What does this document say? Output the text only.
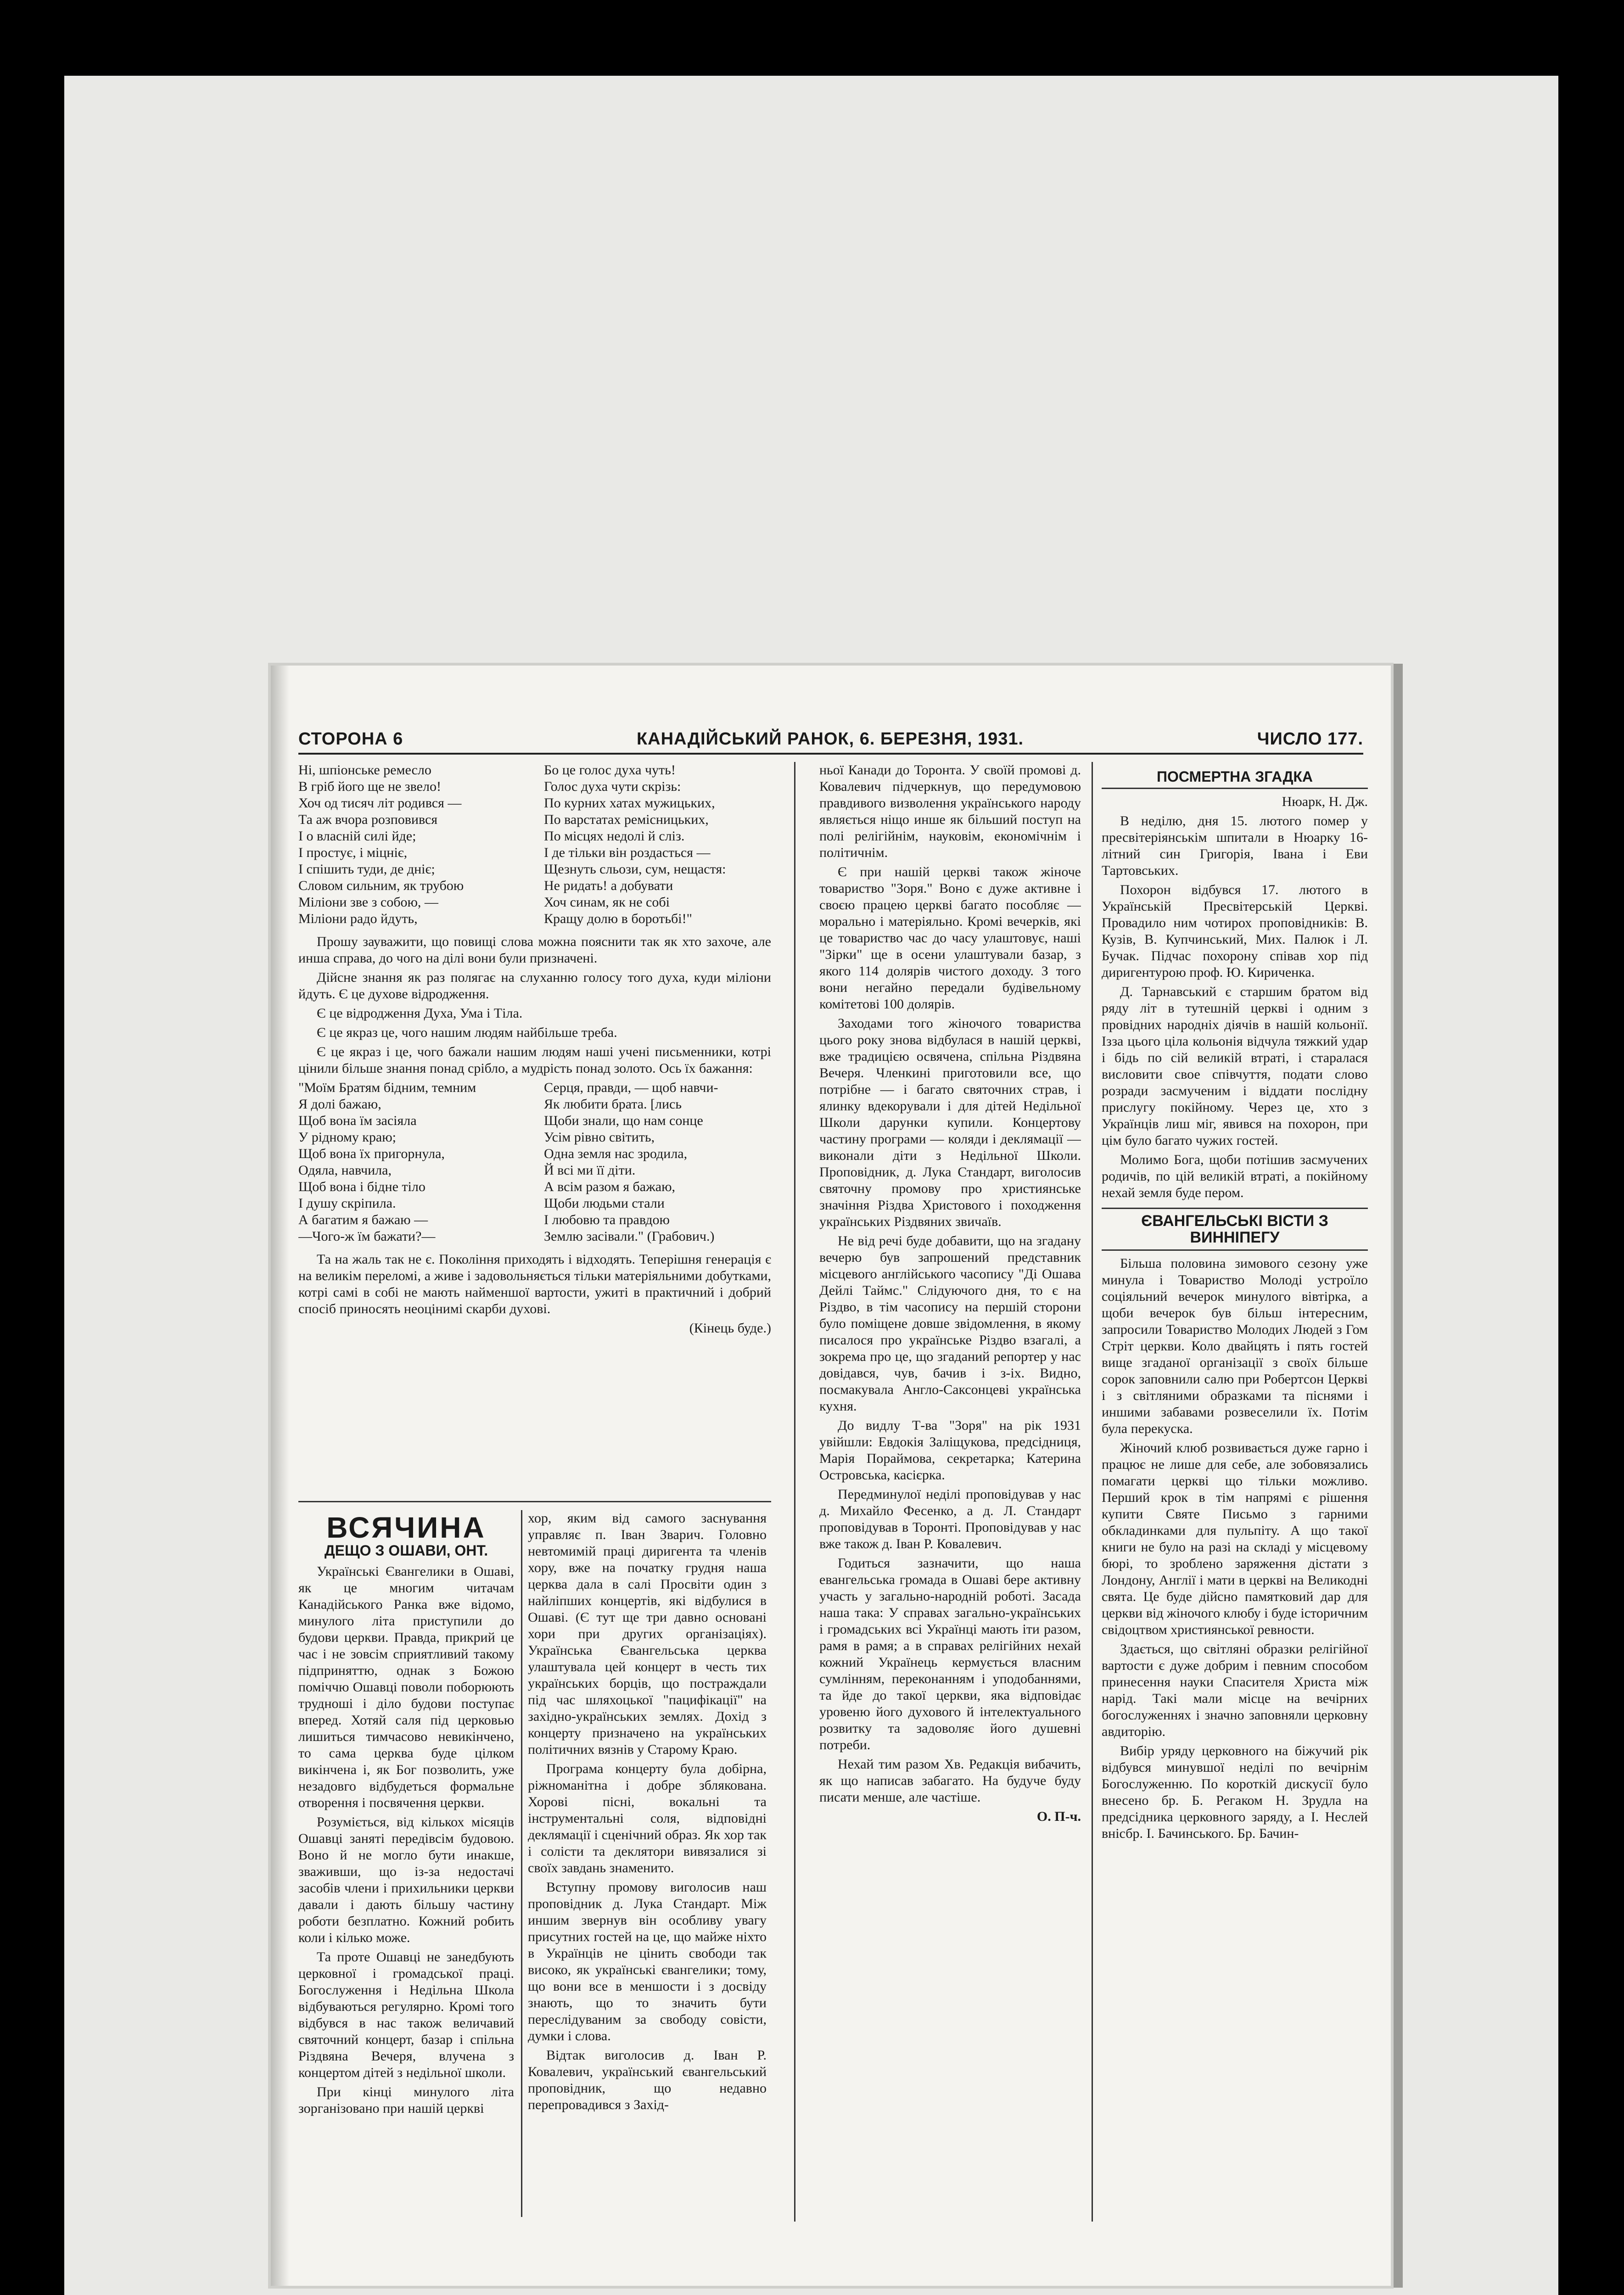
СТОРОНА 6	КАНАДІЙСЬКИЙ РАНОК, 6. БЕРЕЗНЯ, 1931.	ЧИСЛО 177.
Ні, шпіонське ремесло
В гріб його ще не звело!
Хоч од тисяч літ родився —
Та аж вчора розповився
І о власній силі йде;
І простує, і міцніє,
І спішить туди, де дніє;
Словом сильним, як трубою
Міліони зве з собою, —
Міліони радо йдуть,
Бо це голос духа чуть!
Голос духа чути скрізь:
По курних хатах мужицьких,
По варстатах ремісницьких,
По місцях недолі й сліз.
І де тільки він роздасться —
Щезнуть сльози, сум, нещастя:
Не ридать! а добувати
Хоч синам, як не собі
Кращу долю в боротьбі!"

Прошу зауважити, що повищі слова можна пояснити так як хто захоче, але инша справа, до чого на ділі вони були призначені.

Дійсне знання як раз полягає на слуханню голосу того духа, куди міліони йдуть. Є це духове відродження.

Є це відродження Духа, Ума і Тіла.

Є це якраз це, чого нашим людям найбільше треба.

Є це якраз і це, чого бажали нашим людям наші учені письменники, котрі цінили більше знання понад срібло, а мудрість понад золото. Ось їх бажання:

"Моїм Братям бідним, темним
Я долі бажаю,
Щоб вона їм засіяла
У рідному краю;
Щоб вона їх пригорнула,
Одяла, навчила,
Щоб вона і бідне тіло
І душу скріпила.
А багатим я бажаю —
—Чого-ж їм бажати?—
Серця, правди, — щоб навчи-
Як любити брата. [лись
Щоби знали, що нам сонце
Усім рівно світить,
Одна земля нас зродила,
Й всі ми її діти.
А всім разом я бажаю,
Щоби людьми стали
І любовю та правдою
Землю засівали." (Грабович.)

Та на жаль так не є. Покоління приходять і відходять. Теперішня генерація є на великім переломі, а живе і задовольняється тільки матеріяльними добутками, котрі самі в собі не мають найменшої вартости, ужиті в практичний і добрий спосіб приносять неоцінимі скарби духові.

(Кінець буде.)

ВСЯЧИНА
ДЕЩО З ОШАВИ, ОНТ.

Українські Євангелики в Ошаві, як це многим читачам Канадійського Ранка вже відомо, минулого літа приступили до будови церкви. Правда, прикрий це час і не зовсім сприятливий такому підприняттю, однак з Божою поміччю Ошавці поволи поборюють трудноші і діло будови поступає вперед. Хотяй саля під церковью лишиться тимчасово невикінчено, то сама церква буде цілком викінчена і, як Бог позволить, уже незадовго відбудеться формальне отворення і посвячення церкви.

Розуміється, від кількох місяців Ошавці заняті передівсім будовою. Воно й не могло бути инакше, зваживши, що із-за недостачі засобів члени і прихильники церкви давали і дають більшу частину роботи безплатно. Кожний робить коли і кілько може.

Та проте Ошавці не занедбують церковної і громадської праці. Богослуження і Недільна Школа відбуваються регулярно. Кромі того відбувся в нас також величавий святочний концерт, базар і спільна Різдвяна Вечеря, влучена з концертом дітей з недільної школи.

При кінці минулого літа зорганізовано при нашій церкві

хор, яким від самого заснування управляє п. Іван Зварич. Головно невтомимій праці диригента та членів хору, вже на початку грудня наша церква дала в салі Просвіти один з найліпших концертів, які відбулися в Ошаві. (Є тут ще три давно основані хори при других організаціях). Українська Євангельська церква улаштувала цей концерт в честь тих українських борців, що постраждали під час шляхоцької "пацифікації" на західно-українських землях. Дохід з концерту призначено на українських політичних вязнів у Старому Краю.

Програма концерту була добірна, ріжноманітна і добре зблякована. Хорові пісні, вокальні та інструментальні соля, відповідні деклямації і сценічний образ. Як хор так і солісти та деклятори вивязалися зі своїх завдань знаменито.

Вступну промову виголосив наш проповідник д. Лука Стандарт. Між иншим звернув він особливу увагу присутних гостей на це, що майже ніхто в Українців не цінить свободи так високо, як українські євангелики; тому, що вони все в меншости і з досвіду знають, що то значить бути переслідуваним за свободу совісти, думки і слова.

Відтак виголосив д. Іван Р. Ковалевич, український євангельський проповідник, що недавно перепровадився з Захід-

ньої Канади до Торонта. У своїй промові д. Ковалевич підчеркнув, що передумовою правдивого визволення українського народу являється ніщо инше як більший поступ на полі релігійнім, науковім, економічнім і політичнім.

Є при нашій церкві також жіноче товариство "Зоря." Воно є дуже активне і своєю працею церкві багато пособляє — морально і матеріяльно. Кромі вечерків, які це товариство час до часу улаштовує, наші "Зірки" ще в осени улаштували базар, з якого 114 долярів чистого доходу. З того вони негайно передали будівельному комітетові 100 долярів.

Заходами того жіночого товариства цього року знова відбулася в нашій церкві, вже традицією освячена, спільна Різдвяна Вечеря. Членкині приготовили все, що потрібне — і багато святочних страв, і ялинку вдекорували і для дітей Недільної Школи дарунки купили. Концертову частину програми — коляди і деклямації — виконали діти з Недільної Школи. Проповідник, д. Лука Стандарт, виголосив святочну промову про християнське значіння Різдва Христового і походження українських Різдвяних звичаїв.

Не від речі буде добавити, що на згадану вечерю був запрошений представник місцевого англійського часопису "Ді Ошава Дейлі Таймс." Слідуючого дня, то є на Різдво, в тім часопису на першій сторони було поміщене довше звідомлення, в якому писалося про українське Різдво взагалі, а зокрема про це, що згаданий репортер у нас довідався, чув, бачив і з-іх. Видно, посмакувала Англо-Саксонцеві українська кухня.

До видлу Т-ва "Зоря" на рік 1931 увійшли: Евдокія Заліщукова, предсідниця, Марія Пораймова, секретарка; Катерина Островська, касієрка.

Передминулої неділі проповідував у нас д. Михайло Фесенко, а д. Л. Стандарт проповідував в Торонті. Проповідував у нас вже також д. Іван Р. Ковалевич.

Годиться зазначити, що наша евангельська громада в Ошаві бере активну участь у загально-народній роботі. Засада наша така: У справах загально-українських і громадських всі Українці мають іти разом, рамя в рамя; а в справах релігійних нехай кожний Українець кермується власним сумлінням, переконанням і уподобаннями, та йде до такої церкви, яка відповідає уровеню його духового й інтелектуального розвитку та задоволяє його душевні потреби.

Нехай тим разом Хв. Редакція вибачить, як що написав забагато. На будуче буду писати менше, але частіше.

О. П-ч.

ПОСМЕРТНА ЗГАДКА

Нюарк, Н. Дж.

В неділю, дня 15. лютого помер у пресвітеріянськім шпитали в Нюарку 16-літний син Григорія, Івана і Еви Тартовських.

Похорон відбувся 17. лютого в Українській Пресвітерській Церкві. Провадило ним чотирох проповідників: В. Кузів, В. Купчинський, Мих. Палюк і Л. Бучак. Підчас похорону співав хор під диригентурою проф. Ю. Кириченка.

Д. Тарнавський є старшим братом від ряду літ в тутешній церкві і одним з провідних народніх діячів в нашій кольонії. Ізза цього ціла кольонія відчула тяжкий удар і бідь по сій великій втраті, і старалася висловити свое співчуття, подати слово розради засмученим і віддати послідну прислугу покійному. Через це, хто з Українців лиш міг, явився на похорон, при цім було багато чужих гостей.

Молимо Бога, щоби потішив засмучених родичів, по цій великій втраті, а покійному нехай земля буде пером.

ЄВАНГЕЛЬСЬКІ ВІСТИ З ВИННІПЕГУ

Більша половина зимового сезону уже минула і Товариство Молоді устроїло соціяльний вечерок минулого вівтірка, а щоби вечерок був більш інтересним, запросили Товариство Молодих Людей з Гом Стріт церкви. Коло двайцять і пять гостей вище згаданої організації з своїх більше сорок заповнили салю при Робертсон Церкві і з світляними образками та піснями і иншими забавами розвеселили їх. Потім була перекуска.

Жіночий клюб розвивається дуже гарно і працює не лише для себе, але зобовязались помагати церкві що тільки можливо. Перший крок в тім напрямі є рішення купити Святе Письмо з гарними обкладинками для пульпіту. А що такої книги не було на разі на складі у місцевому бюрі, то зроблено заряження дістати з Лондону, Англії і мати в церкві на Великодні свята. Це буде дійсно памятковий дар для церкви від жіночого клюбу і буде історичним свідоцтвом християнської ревности.

Здається, що світляні образки релігійної вартости є дуже добрим і певним способом принесення науки Спасителя Христа між нарід. Такі мали місце на вечірних богослуженнях і значно заповняли церковну авдиторію.

Вибір уряду церковного на біжучий рік відбувся минувшої неділі по вечірнім Богослуженню. По короткій дискусії було внесено бр. Б. Регаком Н. Зрудла на предсідника церковного заряду, а І. Неслей внісбр. І. Бачинського. Бр. Бачин-
